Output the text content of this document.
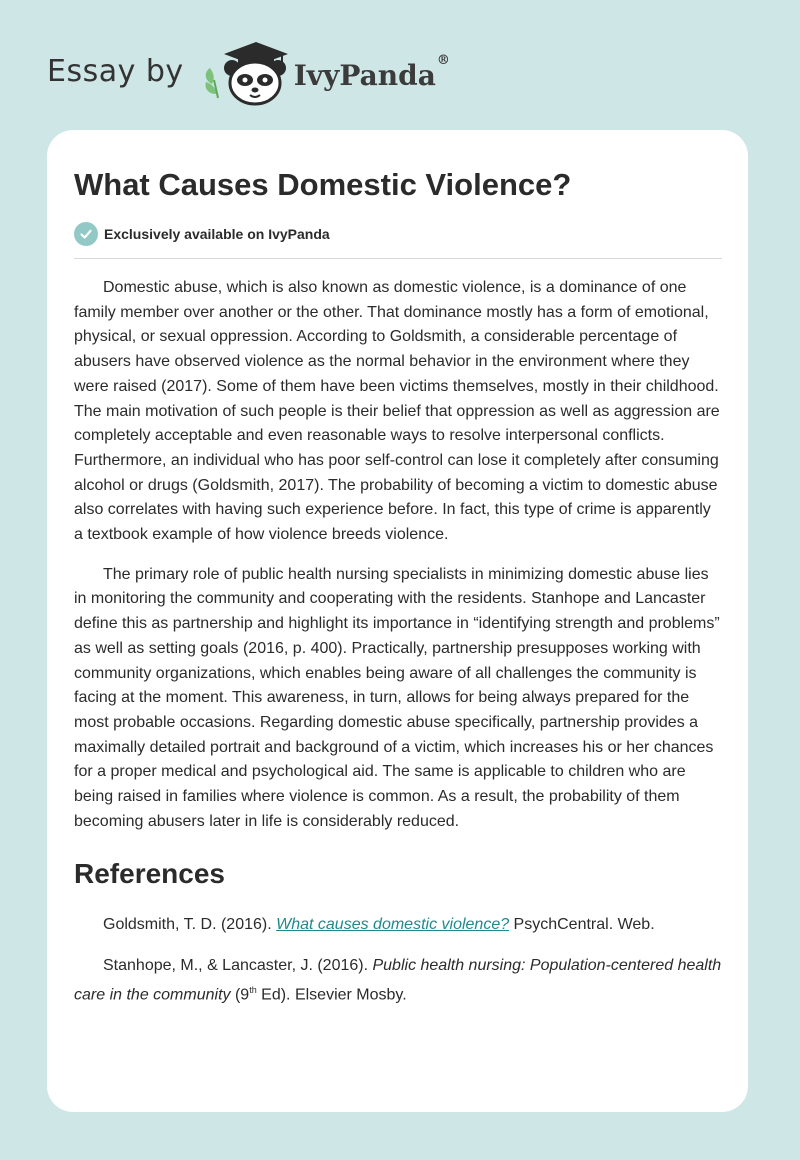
Essay by	IvyPanda®
What Causes Domestic Violence?
Exclusively available on IvyPanda

Domestic abuse, which is also known as domestic violence, is a dominance of one family member over another or the other. That dominance mostly has a form of emotional, physical, or sexual oppression. According to Goldsmith, a considerable percentage of abusers have observed violence as the normal behavior in the environment where they were raised (2017). Some of them have been victims themselves, mostly in their childhood. The main motivation of such people is their belief that oppression as well as aggression are completely acceptable and even reasonable ways to resolve interpersonal conflicts. Furthermore, an individual who has poor self-control can lose it completely after consuming alcohol or drugs (Goldsmith, 2017). The probability of becoming a victim to domestic abuse also correlates with having such experience before. In fact, this type of crime is apparently a textbook example of how violence breeds violence.

The primary role of public health nursing specialists in minimizing domestic abuse lies in monitoring the community and cooperating with the residents. Stanhope and Lancaster define this as partnership and highlight its importance in “identifying strength and problems” as well as setting goals (2016, p. 400). Practically, partnership presupposes working with community organizations, which enables being aware of all challenges the community is facing at the moment. This awareness, in turn, allows for being always prepared for the most probable occasions. Regarding domestic abuse specifically, partnership provides a maximally detailed portrait and background of a victim, which increases his or her chances for a proper medical and psychological aid. The same is applicable to children who are being raised in families where violence is common. As a result, the probability of them becoming abusers later in life is considerably reduced.

References

Goldsmith, T. D. (2016). What causes domestic violence? PsychCentral. Web.

Stanhope, M., & Lancaster, J. (2016). Public health nursing: Population-centered health care in the community (9th Ed). Elsevier Mosby.
